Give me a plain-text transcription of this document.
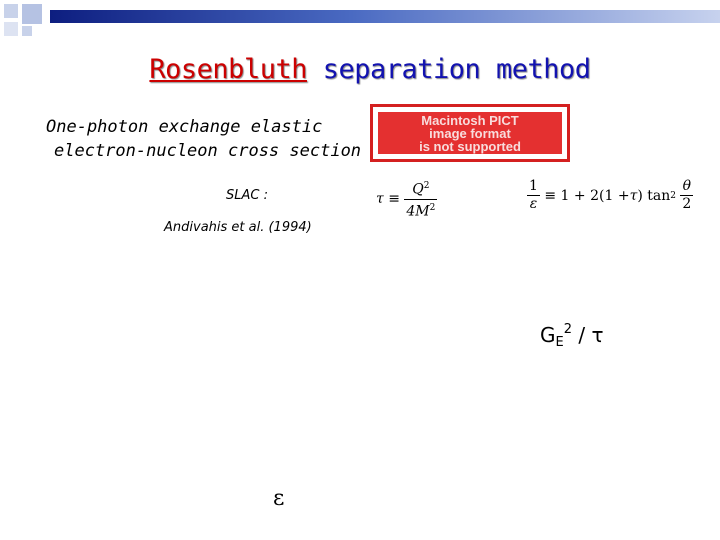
Rosenbluth separation method
One-photon exchange elastic
electron-nucleon cross section
Macintosh PICT
image format
is not supported
SLAC :
Andivahis et al. (1994)
$\tau \equiv \frac{Q^2}{4M^2}$	$\frac{1}{\varepsilon} \equiv 1 + 2(1 +\tau)$ $\tan 2 \frac{\theta}{2}$
$G_E^2$ / τ
ε
